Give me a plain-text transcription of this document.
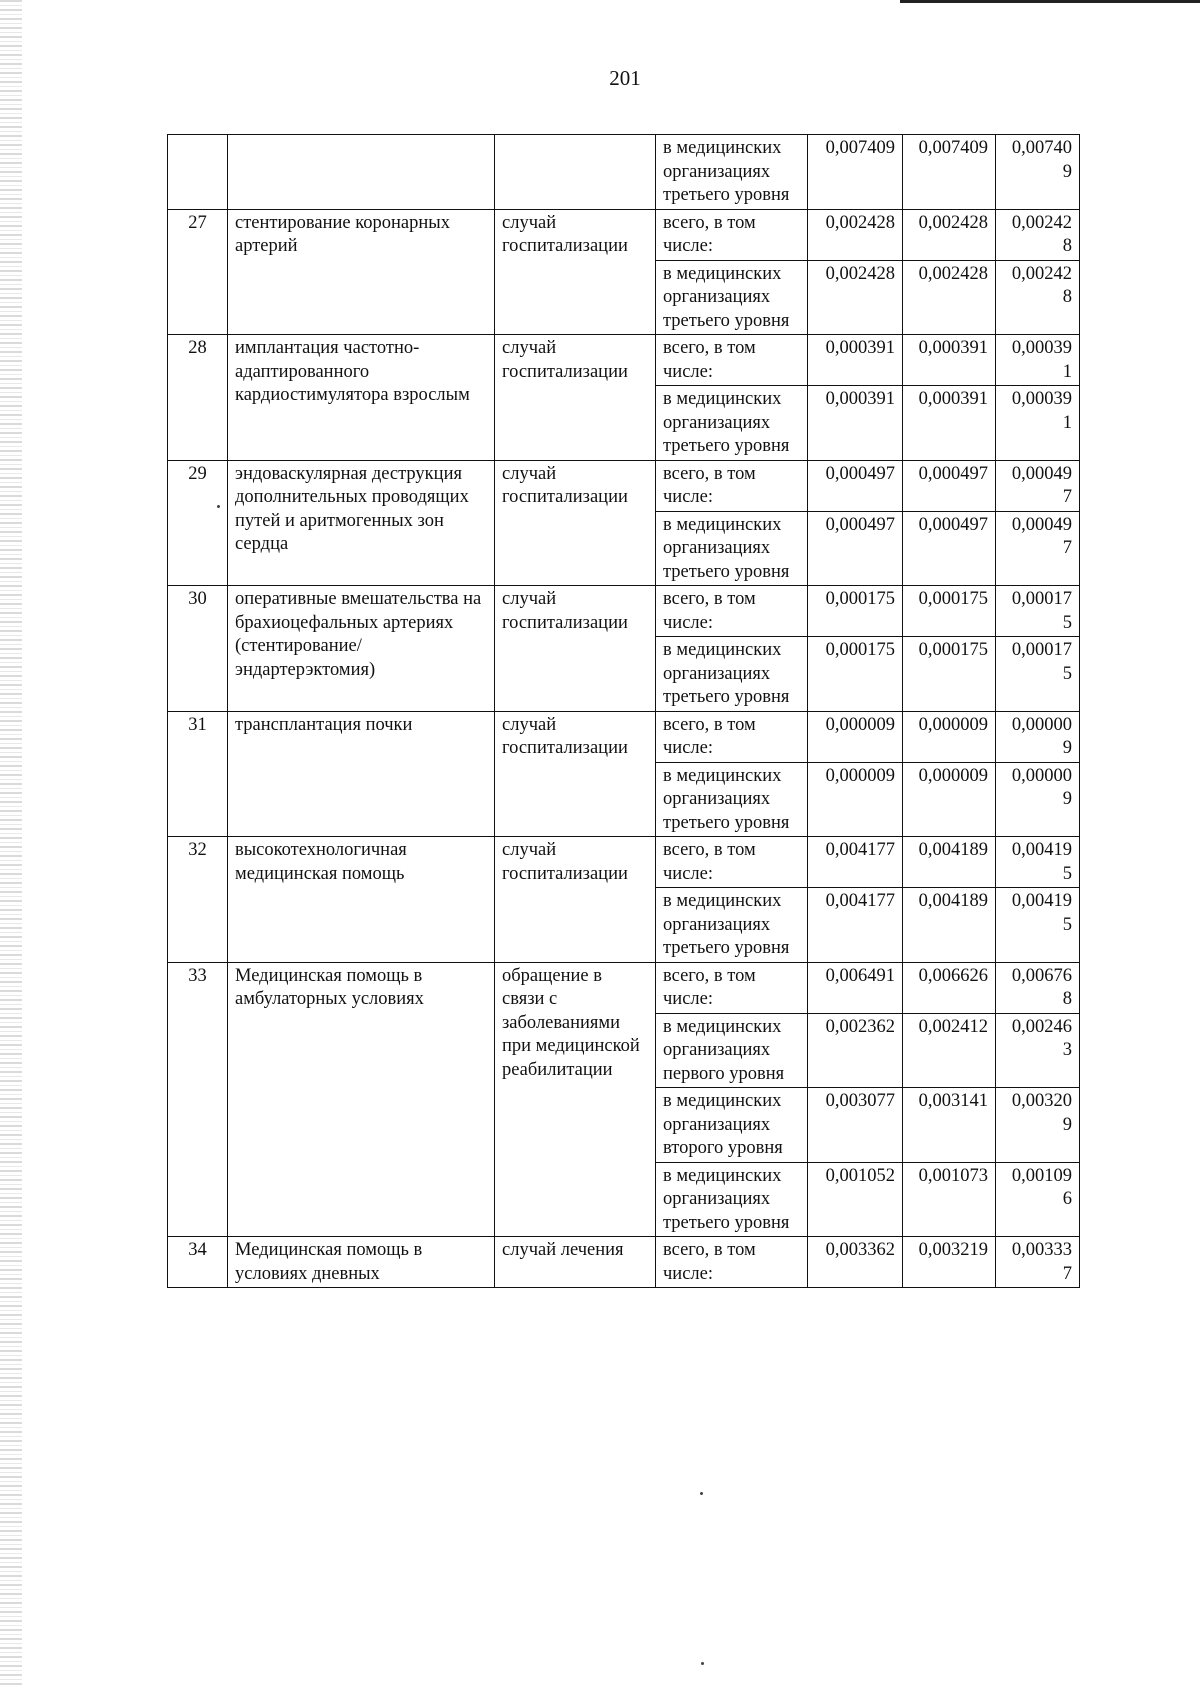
201
			в медицинских организациях третьего уровня	0,007409	0,007409	0,007409
27	стентирование коронарных артерий	случай госпитализации	всего, в том числе:	0,002428	0,002428	0,002428
			в медицинских организациях третьего уровня	0,002428	0,002428	0,002428
28	имплантация частотно-адаптированного кардиостимулятора взрослым	случай госпитализации	всего, в том числе:	0,000391	0,000391	0,000391
			в медицинских организациях третьего уровня	0,000391	0,000391	0,000391
29	эндоваскулярная деструкция дополнительных проводящих путей и аритмогенных зон сердца	случай госпитализации	всего, в том числе:	0,000497	0,000497	0,000497
			в медицинских организациях третьего уровня	0,000497	0,000497	0,000497
30	оперативные вмешательства на брахиоцефальных артериях (стентирование/эндартерэктомия)	случай госпитализации	всего, в том числе:	0,000175	0,000175	0,000175
			в медицинских организациях третьего уровня	0,000175	0,000175	0,000175
31	трансплантация почки	случай госпитализации	всего, в том числе:	0,000009	0,000009	0,000009
			в медицинских организациях третьего уровня	0,000009	0,000009	0,000009
32	высокотехнологичная медицинская помощь	случай госпитализации	всего, в том числе:	0,004177	0,004189	0,004195
			в медицинских организациях третьего уровня	0,004177	0,004189	0,004195
33	Медицинская помощь в амбулаторных условиях	обращение в связи с заболеваниями при медицинской реабилитации	всего, в том числе:	0,006491	0,006626	0,006768
			в медицинских организациях первого уровня	0,002362	0,002412	0,002463
			в медицинских организациях второго уровня	0,003077	0,003141	0,003209
			в медицинских организациях третьего уровня	0,001052	0,001073	0,001096
34	Медицинская помощь в условиях дневных	случай лечения	всего, в том числе:	0,003362	0,003219	0,003337
